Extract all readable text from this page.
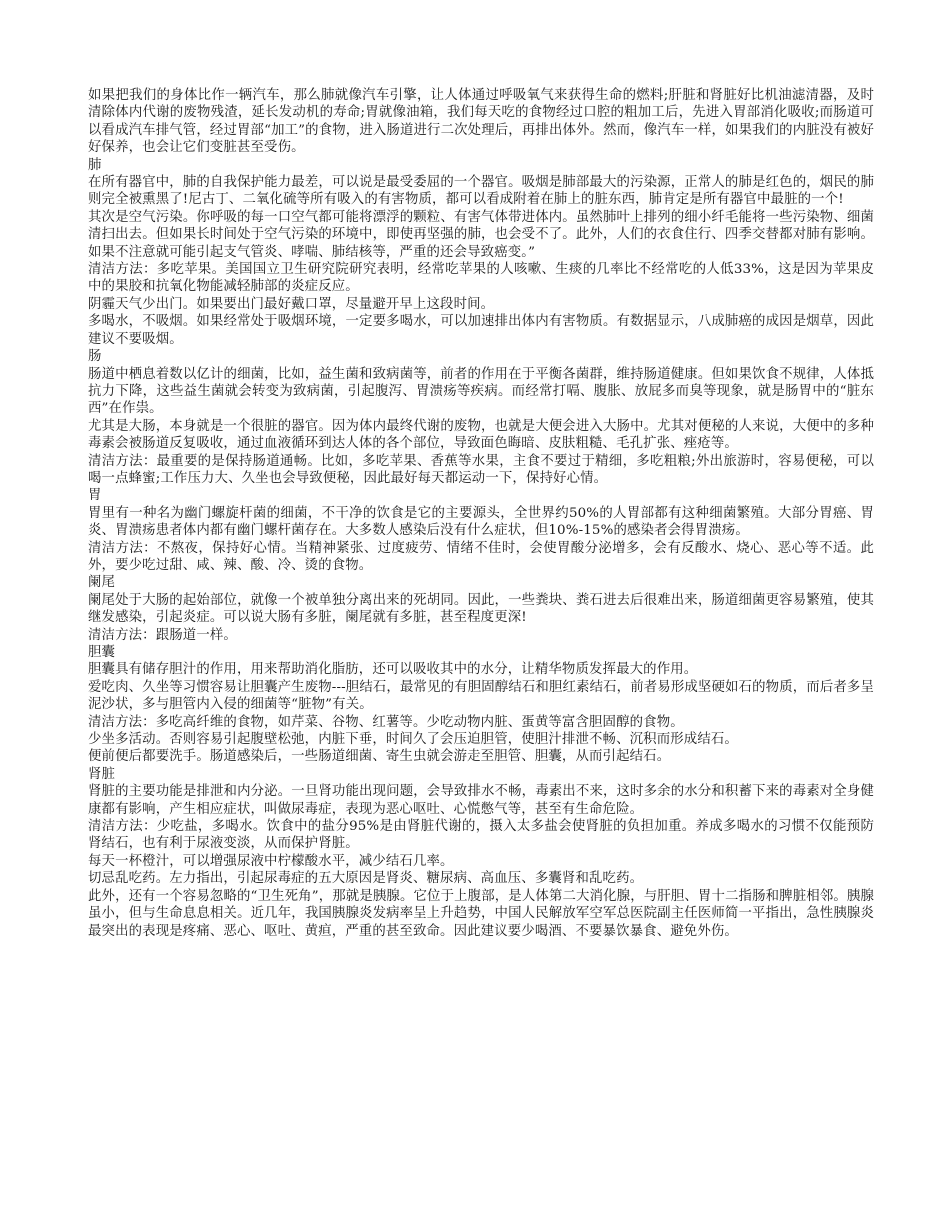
如果把我们的身体比作一辆汽车，那么肺就像汽车引擎，让人体通过呼吸氧气来获得生命的燃料;肝脏和肾脏好比机油滤清器，及时清除体内代谢的废物残渣，延长发动机的寿命;胃就像油箱，我们每天吃的食物经过口腔的粗加工后，先进入胃部消化吸收;而肠道可以看成汽车排气管，经过胃部“加工”的食物，进入肠道进行二次处理后，再排出体外。然而，像汽车一样，如果我们的内脏没有被好好保养，也会让它们变脏甚至受伤。

肺

在所有器官中，肺的自我保护能力最差，可以说是最受委屈的一个器官。吸烟是肺部最大的污染源，正常人的肺是红色的，烟民的肺则完全被熏黑了!尼古丁、二氧化硫等所有吸入的有害物质，都可以看成附着在肺上的脏东西，肺肯定是所有器官中最脏的一个!

其次是空气污染。你呼吸的每一口空气都可能将漂浮的颗粒、有害气体带进体内。虽然肺叶上排列的细小纤毛能将一些污染物、细菌清扫出去。但如果长时间处于空气污染的环境中，即使再坚强的肺，也会受不了。此外，人们的衣食住行、四季交替都对肺有影响。如果不注意就可能引起支气管炎、哮喘、肺结核等，严重的还会导致癌变。”

清洁方法：多吃苹果。美国国立卫生研究院研究表明，经常吃苹果的人咳嗽、生痰的几率比不经常吃的人低33%，这是因为苹果皮中的果胶和抗氧化物能减轻肺部的炎症反应。

阴霾天气少出门。如果要出门最好戴口罩，尽量避开早上这段时间。

多喝水，不吸烟。如果经常处于吸烟环境，一定要多喝水，可以加速排出体内有害物质。有数据显示，八成肺癌的成因是烟草，因此建议不要吸烟。

肠

肠道中栖息着数以亿计的细菌，比如，益生菌和致病菌等，前者的作用在于平衡各菌群，维持肠道健康。但如果饮食不规律，人体抵抗力下降，这些益生菌就会转变为致病菌，引起腹泻、胃溃疡等疾病。而经常打嗝、腹胀、放屁多而臭等现象，就是肠胃中的“脏东西”在作祟。

尤其是大肠，本身就是一个很脏的器官。因为体内最终代谢的废物，也就是大便会进入大肠中。尤其对便秘的人来说，大便中的多种毒素会被肠道反复吸收，通过血液循环到达人体的各个部位，导致面色晦暗、皮肤粗糙、毛孔扩张、痤疮等。

清洁方法：最重要的是保持肠道通畅。比如，多吃苹果、香蕉等水果，主食不要过于精细，多吃粗粮;外出旅游时，容易便秘，可以喝一点蜂蜜;工作压力大、久坐也会导致便秘，因此最好每天都运动一下，保持好心情。

胃

胃里有一种名为幽门螺旋杆菌的细菌，不干净的饮食是它的主要源头，全世界约50%的人胃部都有这种细菌繁殖。大部分胃癌、胃炎、胃溃疡患者体内都有幽门螺杆菌存在。大多数人感染后没有什么症状，但10%-15%的感染者会得胃溃疡。

清洁方法：不熬夜，保持好心情。当精神紧张、过度疲劳、情绪不佳时，会使胃酸分泌增多，会有反酸水、烧心、恶心等不适。此外，要少吃过甜、咸、辣、酸、冷、烫的食物。

阑尾

阑尾处于大肠的起始部位，就像一个被单独分离出来的死胡同。因此，一些粪块、粪石进去后很难出来，肠道细菌更容易繁殖，使其继发感染，引起炎症。可以说大肠有多脏，阑尾就有多脏，甚至程度更深!

清洁方法：跟肠道一样。

胆囊

胆囊具有储存胆汁的作用，用来帮助消化脂肪，还可以吸收其中的水分，让精华物质发挥最大的作用。

爱吃肉、久坐等习惯容易让胆囊产生废物---胆结石，最常见的有胆固醇结石和胆红素结石，前者易形成坚硬如石的物质，而后者多呈泥沙状，多与胆管内入侵的细菌等“脏物”有关。

清洁方法：多吃高纤维的食物，如芹菜、谷物、红薯等。少吃动物内脏、蛋黄等富含胆固醇的食物。

少坐多活动。否则容易引起腹壁松弛，内脏下垂，时间久了会压迫胆管，使胆汁排泄不畅、沉积而形成结石。

便前便后都要洗手。肠道感染后，一些肠道细菌、寄生虫就会游走至胆管、胆囊，从而引起结石。

肾脏

肾脏的主要功能是排泄和内分泌。一旦肾功能出现问题，会导致排水不畅，毒素出不来，这时多余的水分和积蓄下来的毒素对全身健康都有影响，产生相应症状，叫做尿毒症，表现为恶心呕吐、心慌憋气等，甚至有生命危险。

清洁方法：少吃盐，多喝水。饮食中的盐分95%是由肾脏代谢的，摄入太多盐会使肾脏的负担加重。养成多喝水的习惯不仅能预防肾结石，也有利于尿液变淡，从而保护肾脏。

每天一杯橙汁，可以增强尿液中柠檬酸水平，减少结石几率。

切忌乱吃药。左力指出，引起尿毒症的五大原因是肾炎、糖尿病、高血压、多囊肾和乱吃药。

此外，还有一个容易忽略的“卫生死角”，那就是胰腺。它位于上腹部，是人体第二大消化腺，与肝胆、胃十二指肠和脾脏相邻。胰腺虽小，但与生命息息相关。近几年，我国胰腺炎发病率呈上升趋势，中国人民解放军空军总医院副主任医师简一平指出，急性胰腺炎最突出的表现是疼痛、恶心、呕吐、黄疸，严重的甚至致命。因此建议要少喝酒、不要暴饮暴食、避免外伤。
